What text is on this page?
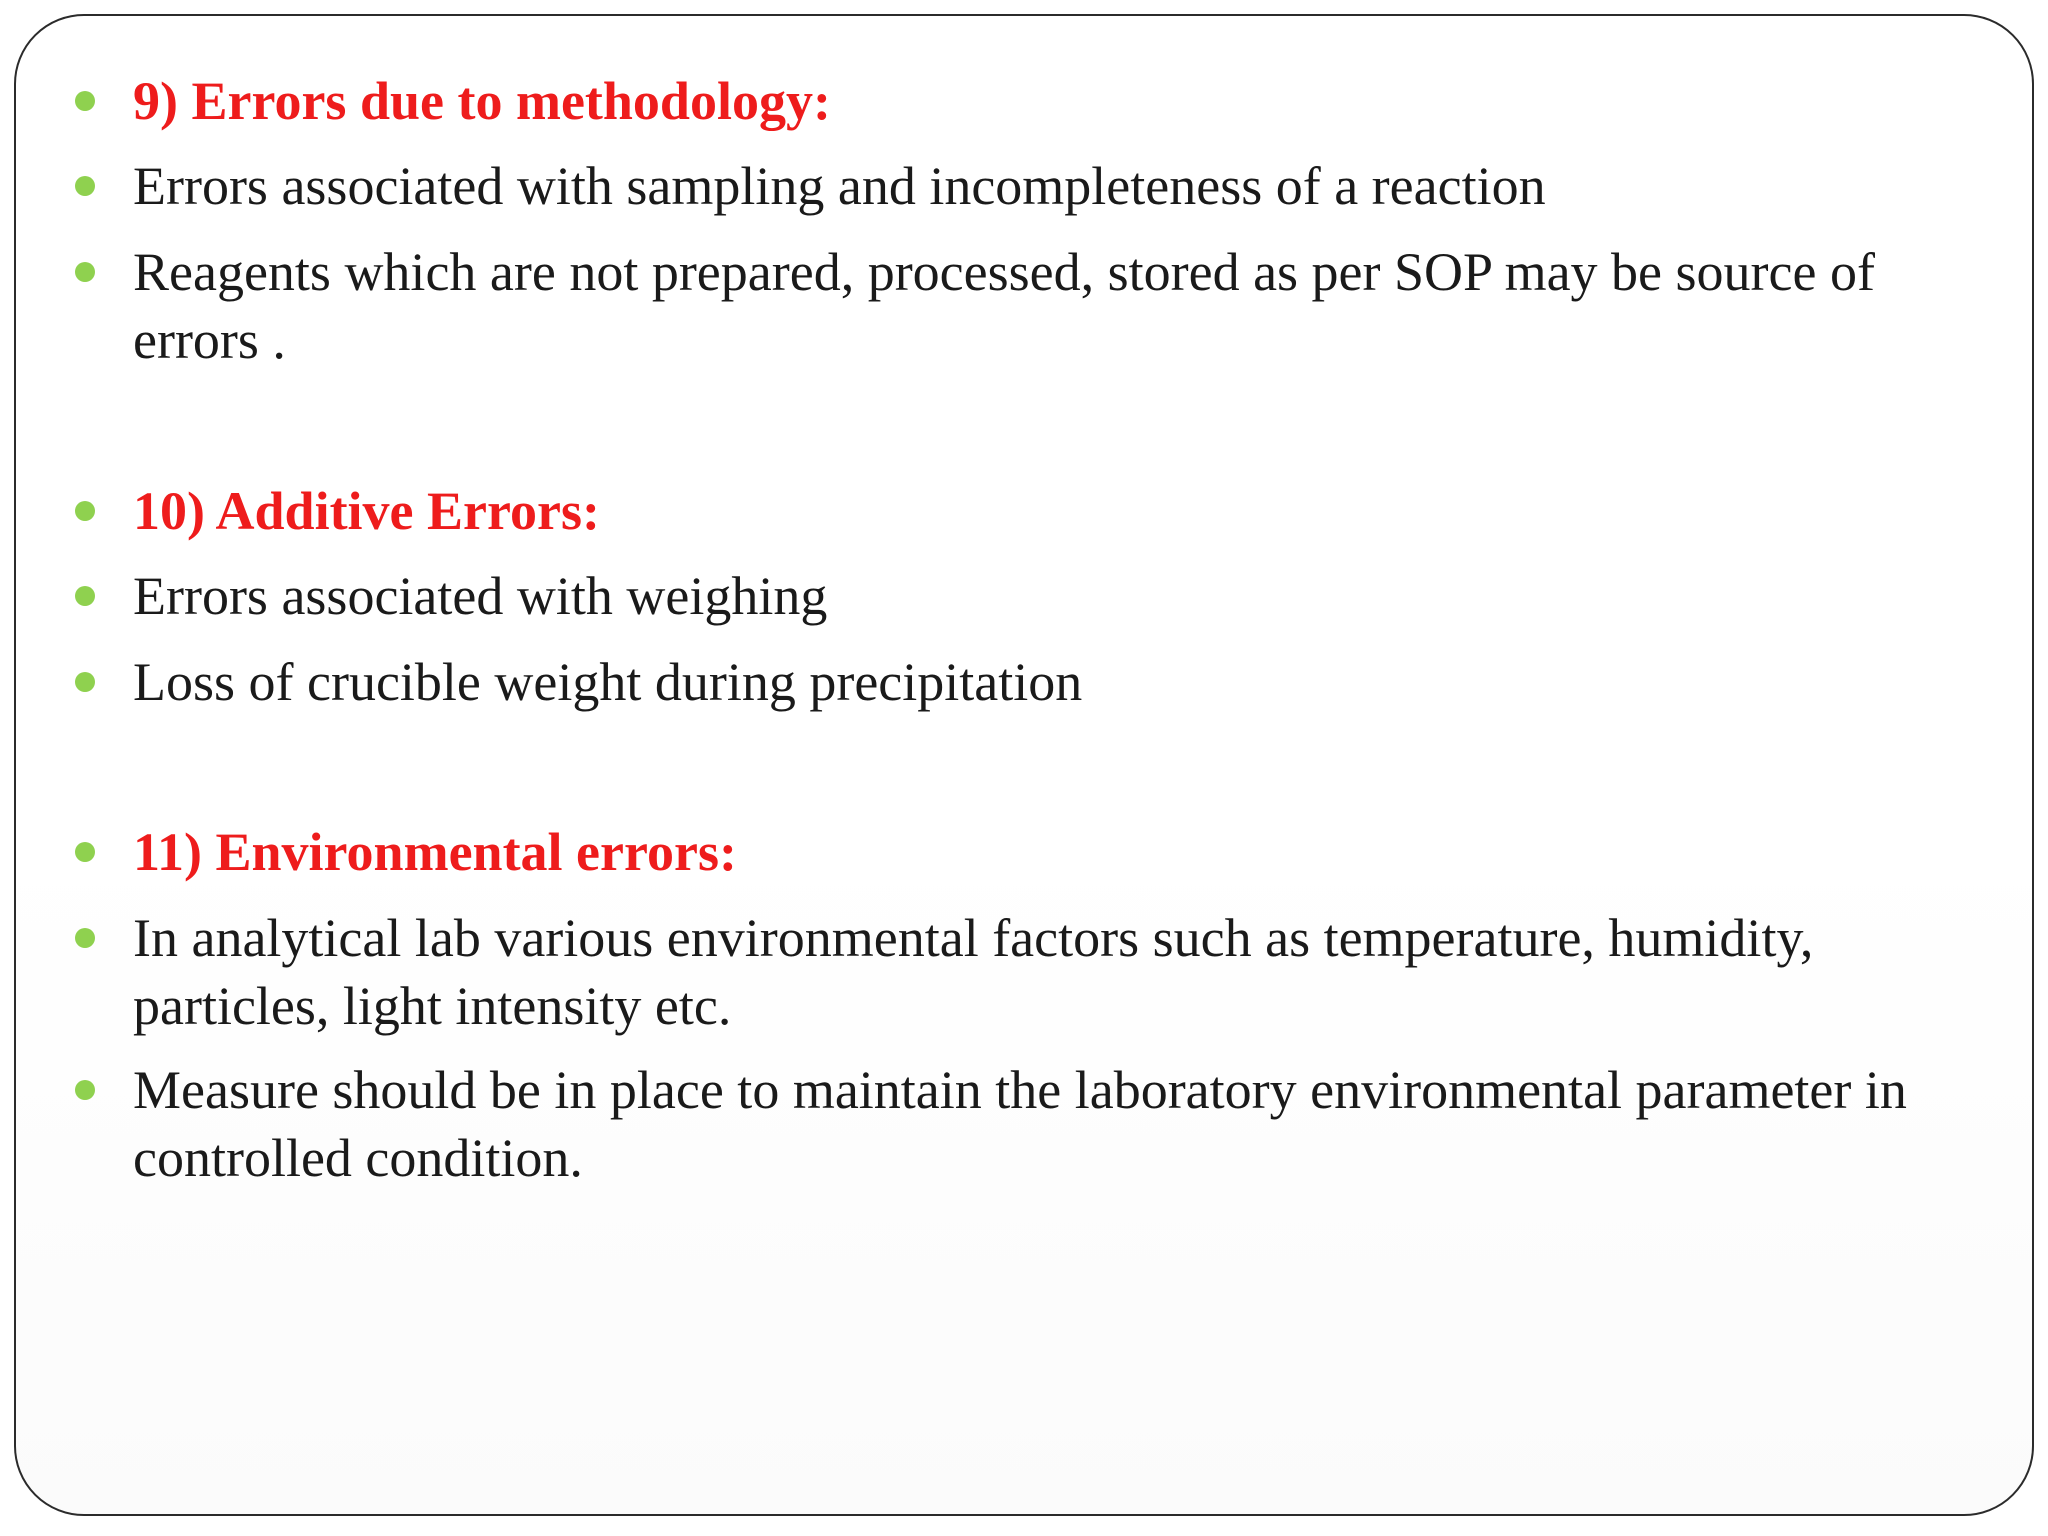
9) Errors due to methodology:
Errors associated with sampling and incompleteness of a reaction
Reagents which are not prepared, processed, stored as per SOP may be source of errors .
10) Additive Errors:
Errors associated with weighing
Loss of crucible weight during precipitation
11) Environmental errors:
In analytical lab various environmental factors such as temperature, humidity, particles, light intensity etc.
Measure should be in place to maintain the laboratory environmental parameter in controlled condition.
